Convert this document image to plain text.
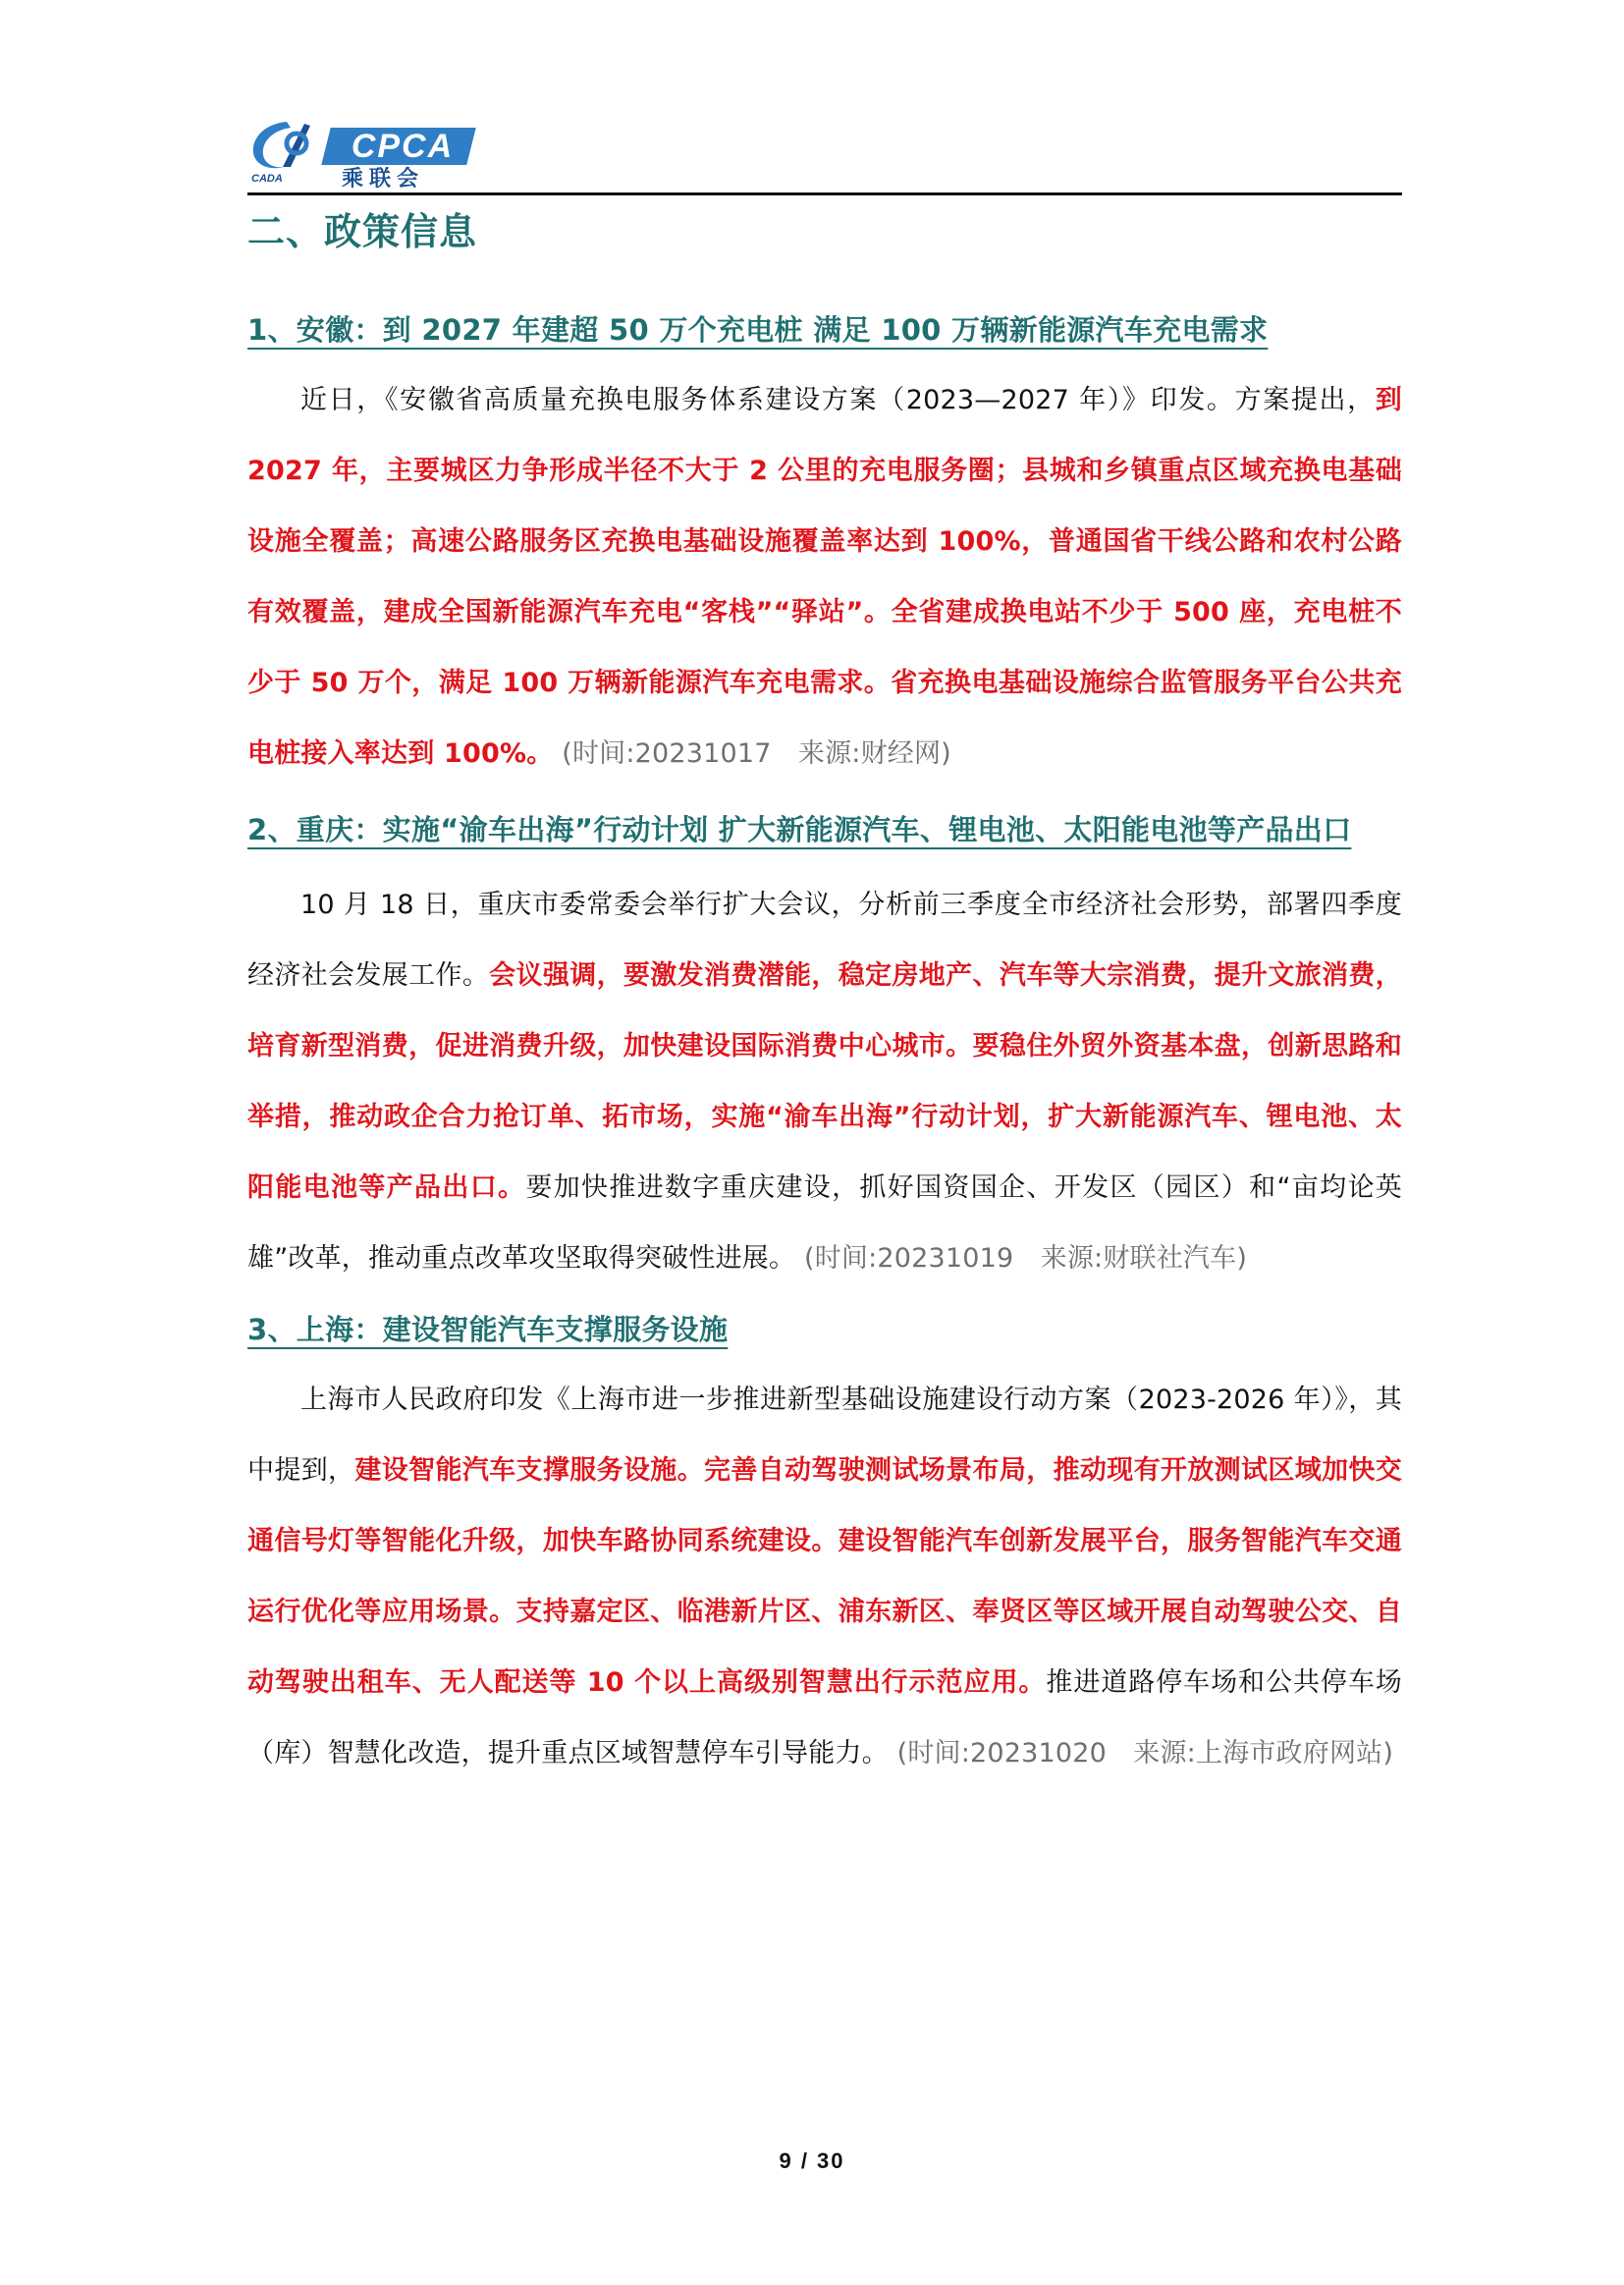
CPCA
乘联会
CADA
二、政策信息
1、安徽：到 2027 年建超 50 万个充电桩 满足 100 万辆新能源汽车充电需求

近日，《安徽省高质量充换电服务体系建设方案（2023—2027 年）》印发。方案提出，到 2027 年，主要城区力争形成半径不大于 2 公里的充电服务圈；县城和乡镇重点区域充换电基础设施全覆盖；高速公路服务区充换电基础设施覆盖率达到 100%，普通国省干线公路和农村公路有效覆盖，建成全国新能源汽车充电“客栈”“驿站”。全省建成换电站不少于 500 座，充电桩不少于 50 万个，满足 100 万辆新能源汽车充电需求。省充换电基础设施综合监管服务平台公共充电桩接入率达到 100%。 (时间:20231017　来源:财经网)

2、重庆：实施“渝车出海”行动计划 扩大新能源汽车、锂电池、太阳能电池等产品出口

10 月 18 日，重庆市委常委会举行扩大会议，分析前三季度全市经济社会形势，部署四季度经济社会发展工作。会议强调，要激发消费潜能，稳定房地产、汽车等大宗消费，提升文旅消费，培育新型消费，促进消费升级，加快建设国际消费中心城市。要稳住外贸外资基本盘，创新思路和举措，推动政企合力抢订单、拓市场，实施“渝车出海”行动计划，扩大新能源汽车、锂电池、太阳能电池等产品出口。要加快推进数字重庆建设，抓好国资国企、开发区（园区）和“亩均论英雄”改革，推动重点改革攻坚取得突破性进展。 (时间:20231019　来源:财联社汽车)

3、上海：建设智能汽车支撑服务设施

上海市人民政府印发《上海市进一步推进新型基础设施建设行动方案（2023-2026 年）》，其中提到，建设智能汽车支撑服务设施。完善自动驾驶测试场景布局，推动现有开放测试区域加快交通信号灯等智能化升级，加快车路协同系统建设。建设智能汽车创新发展平台，服务智能汽车交通运行优化等应用场景。支持嘉定区、临港新片区、浦东新区、奉贤区等区域开展自动驾驶公交、自动驾驶出租车、无人配送等 10 个以上高级别智慧出行示范应用。推进道路停车场和公共停车场（库）智慧化改造，提升重点区域智慧停车引导能力。 (时间:20231020　来源:上海市政府网站)

9 / 30
